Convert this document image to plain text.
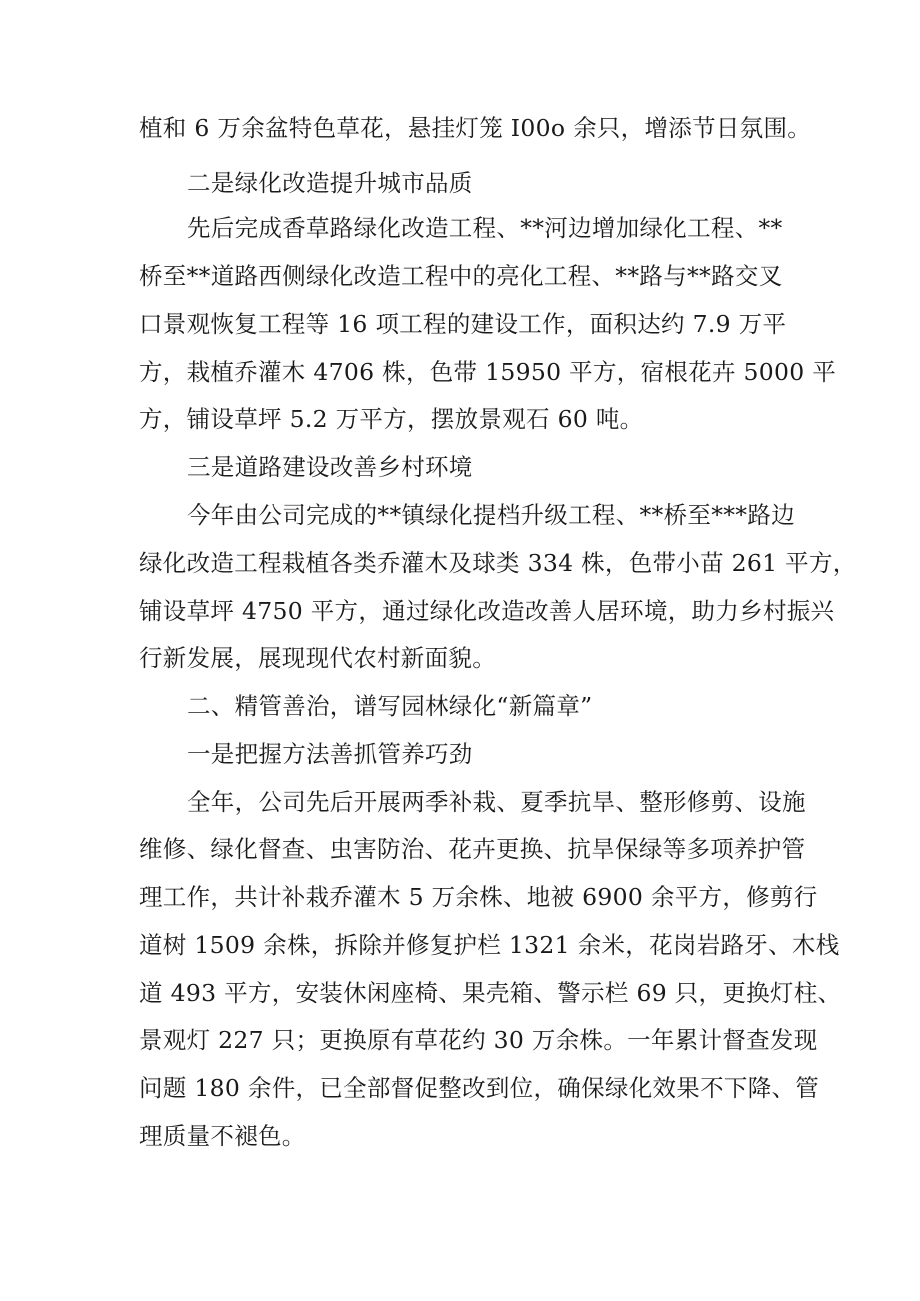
植和 6 万余盆特色草花，悬挂灯笼 I00o 余只，增添节日氛围。
二是绿化改造提升城市品质
先后完成香草路绿化改造工程、**河边增加绿化工程、**
桥至**道路西侧绿化改造工程中的亮化工程、**路与**路交叉
口景观恢复工程等 16 项工程的建设工作，面积达约 7.9 万平
方，栽植乔灌木 4706 株，色带 15950 平方，宿根花卉 5000 平
方，铺设草坪 5.2 万平方，摆放景观石 60 吨。
三是道路建设改善乡村环境
今年由公司完成的**镇绿化提档升级工程、**桥至***路边
绿化改造工程栽植各类乔灌木及球类 334 株，色带小苗 261 平方，
铺设草坪 4750 平方，通过绿化改造改善人居环境，助力乡村振兴
行新发展，展现现代农村新面貌。
二、精管善治，谱写园林绿化“新篇章”
一是把握方法善抓管养巧劲
全年，公司先后开展两季补栽、夏季抗旱、整形修剪、设施
维修、绿化督查、虫害防治、花卉更换、抗旱保绿等多项养护管
理工作，共计补栽乔灌木 5 万余株、地被 6900 余平方，修剪行
道树 1509 余株，拆除并修复护栏 1321 余米，花岗岩路牙、木栈
道 493 平方，安装休闲座椅、果壳箱、警示栏 69 只，更换灯柱、
景观灯 227 只；更换原有草花约 30 万余株。一年累计督查发现
问题 180 余件，已全部督促整改到位，确保绿化效果不下降、管
理质量不褪色。
